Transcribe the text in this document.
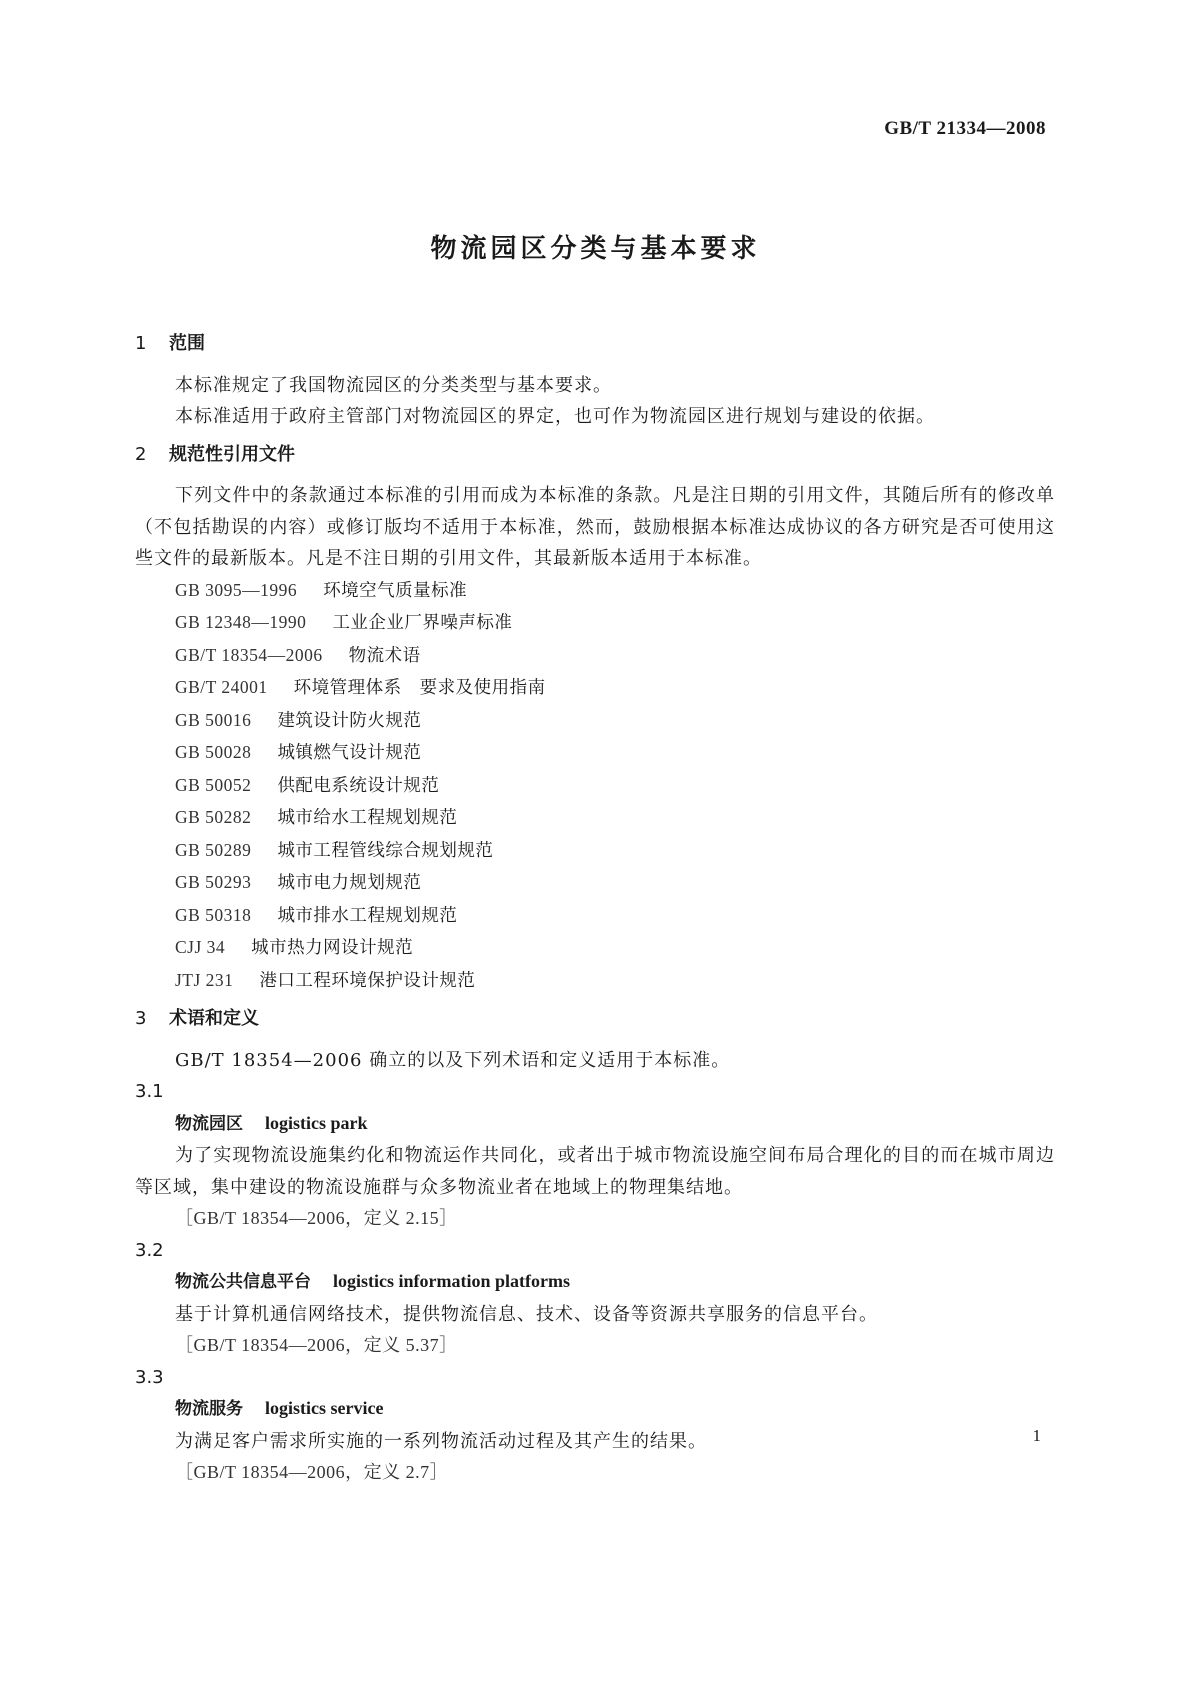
GB/T 21334—2008
物流园区分类与基本要求
1 范围
本标准规定了我国物流园区的分类类型与基本要求。
本标准适用于政府主管部门对物流园区的界定，也可作为物流园区进行规划与建设的依据。
2 规范性引用文件
下列文件中的条款通过本标准的引用而成为本标准的条款。凡是注日期的引用文件，其随后所有的修改单（不包括勘误的内容）或修订版均不适用于本标准，然而，鼓励根据本标准达成协议的各方研究是否可使用这些文件的最新版本。凡是不注日期的引用文件，其最新版本适用于本标准。
GB 3095—1996 环境空气质量标准
GB 12348—1990 工业企业厂界噪声标准
GB/T 18354—2006 物流术语
GB/T 24001 环境管理体系　要求及使用指南
GB 50016 建筑设计防火规范
GB 50028 城镇燃气设计规范
GB 50052 供配电系统设计规范
GB 50282 城市给水工程规划规范
GB 50289 城市工程管线综合规划规范
GB 50293 城市电力规划规范
GB 50318 城市排水工程规划规范
CJJ 34 城市热力网设计规范
JTJ 231 港口工程环境保护设计规范
3 术语和定义
GB/T 18354—2006 确立的以及下列术语和定义适用于本标准。
3.1
物流园区 logistics park
为了实现物流设施集约化和物流运作共同化，或者出于城市物流设施空间布局合理化的目的而在城市周边等区域，集中建设的物流设施群与众多物流业者在地域上的物理集结地。
［GB/T 18354—2006，定义 2.15］
3.2
物流公共信息平台 logistics information platforms
基于计算机通信网络技术，提供物流信息、技术、设备等资源共享服务的信息平台。
［GB/T 18354—2006，定义 5.37］
3.3
物流服务 logistics service
为满足客户需求所实施的一系列物流活动过程及其产生的结果。
［GB/T 18354—2006，定义 2.7］
1
